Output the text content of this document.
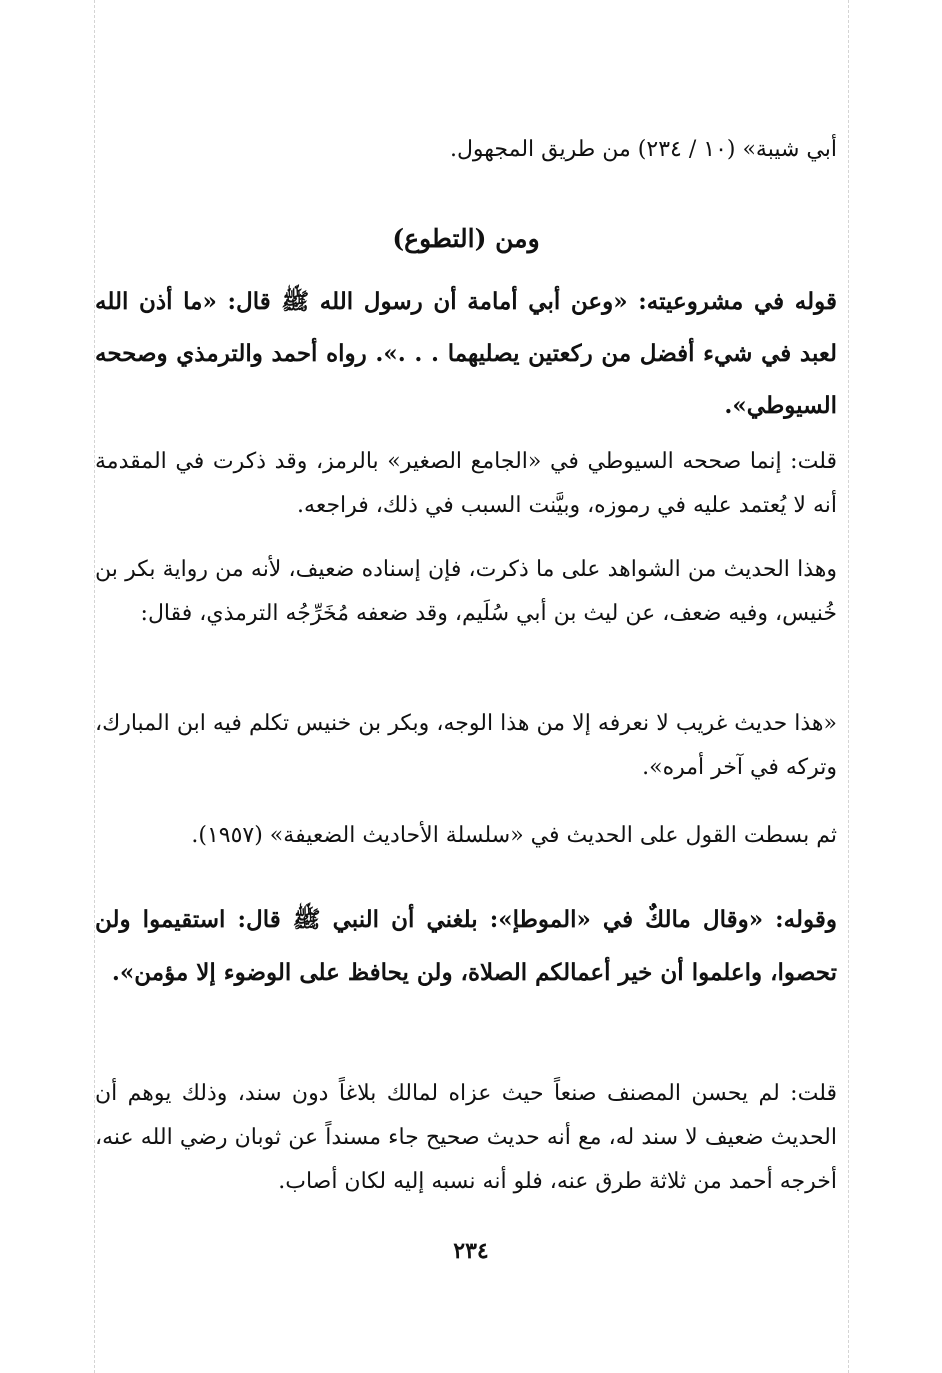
أبي شيبة» (١٠ / ٢٣٤) من طريق المجهول.
ومن (التطوع)
قوله في مشروعيته: «وعن أبي أمامة أن رسول الله ﷺ قال: «ما أذن الله لعبد في شيء أفضل من ركعتين يصليهما . . .». رواه أحمد والترمذي وصححه السيوطي».
قلت: إنما صححه السيوطي في «الجامع الصغير» بالرمز، وقد ذكرت في المقدمة أنه لا يُعتمد عليه في رموزه، وبيَّنت السبب في ذلك، فراجعه.
وهذا الحديث من الشواهد على ما ذكرت، فإن إسناده ضعيف، لأنه من رواية بكر بن خُنيس، وفيه ضعف، عن ليث بن أبي سُلَيم، وقد ضعفه مُخَرِّجُه الترمذي، فقال:
«هذا حديث غريب لا نعرفه إلا من هذا الوجه، وبكر بن خنيس تكلم فيه ابن المبارك، وتركه في آخر أمره».
ثم بسطت القول على الحديث في «سلسلة الأحاديث الضعيفة» (١٩٥٧).
وقوله: «وقال مالكٌ في «الموطإ»: بلغني أن النبي ﷺ قال: استقيموا ولن تحصوا، واعلموا أن خير أعمالكم الصلاة، ولن يحافظ على الوضوء إلا مؤمن».
قلت: لم يحسن المصنف صنعاً حيث عزاه لمالك بلاغاً دون سند، وذلك يوهم أن الحديث ضعيف لا سند له، مع أنه حديث صحيح جاء مسنداً عن ثوبان رضي الله عنه، أخرجه أحمد من ثلاثة طرق عنه، فلو أنه نسبه إليه لكان أصاب.
٢٣٤
